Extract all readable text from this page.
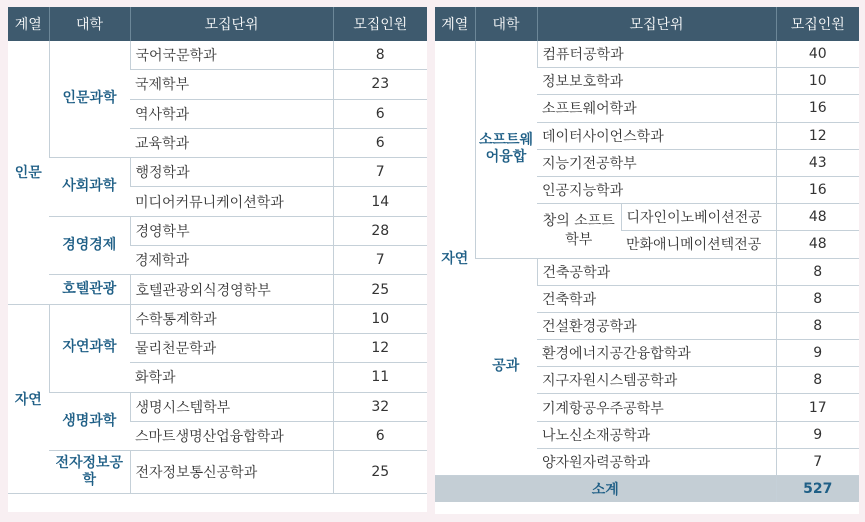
계열	대학	모집단위	모집인원
인문	인문과학	국어국문학과	8
		국제학부	23
		역사학과	6
		교육학과	6
	사회과학	행정학과	7
		미디어커뮤니케이션학과	14
	경영경제	경영학부	28
		경제학과	7
	호텔관광	호텔관광외식경영학부	25
자연	자연과학	수학통계학과	10
		물리천문학과	12
		화학과	11
	생명과학	생명시스템학부	32
		스마트생명산업융합학과	6
	전자정보공학	전자정보통신공학과	25
계열	대학	모집단위		모집인원
자연	소프트웨어융합	컴퓨터공학과		40
		정보보호학과		10
		소프트웨어학과		16
		데이터사이언스학과		12
		지능기전공학부		43
		인공지능학과		16
		창의 소프트학부	디자인이노베이션전공	48
			만화애니메이션텍전공	48
	공과	건축공학과		8
		건축학과		8
		건설환경공학과		8
		환경에너지공간융합학과		9
		지구자원시스템공학과		8
		기계항공우주공학부		17
		나노신소재공학과		9
		양자원자력공학과		7
소계				527
